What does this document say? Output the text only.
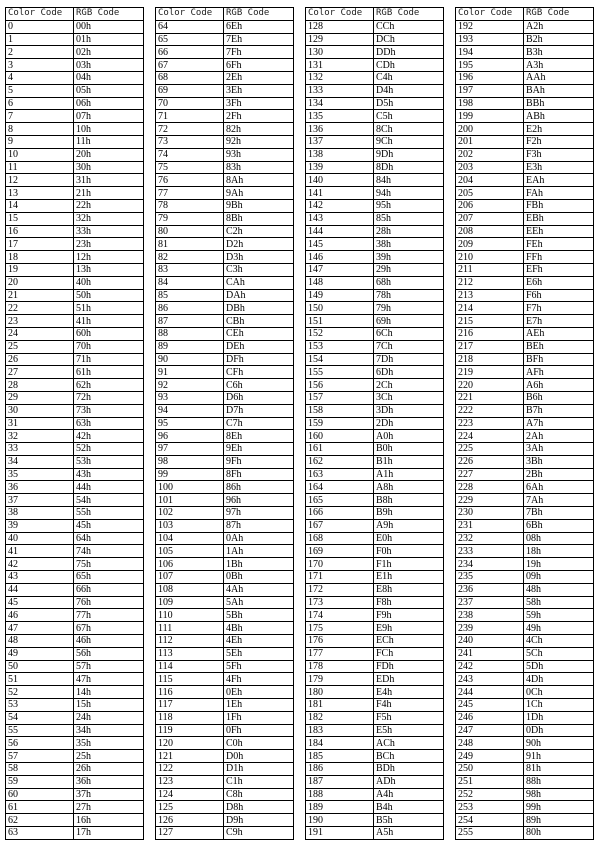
Color Code	RGB Code
0	00h
1	01h
2	02h
3	03h
4	04h
5	05h
6	06h
7	07h
8	10h
9	11h
10	20h
11	30h
12	31h
13	21h
14	22h
15	32h
16	33h
17	23h
18	12h
19	13h
20	40h
21	50h
22	51h
23	41h
24	60h
25	70h
26	71h
27	61h
28	62h
29	72h
30	73h
31	63h
32	42h
33	52h
34	53h
35	43h
36	44h
37	54h
38	55h
39	45h
40	64h
41	74h
42	75h
43	65h
44	66h
45	76h
46	77h
47	67h
48	46h
49	56h
50	57h
51	47h
52	14h
53	15h
54	24h
55	34h
56	35h
57	25h
58	26h
59	36h
60	37h
61	27h
62	16h
63	17h
Color Code	RGB Code
64	6Eh
65	7Eh
66	7Fh
67	6Fh
68	2Eh
69	3Eh
70	3Fh
71	2Fh
72	82h
73	92h
74	93h
75	83h
76	8Ah
77	9Ah
78	9Bh
79	8Bh
80	C2h
81	D2h
82	D3h
83	C3h
84	CAh
85	DAh
86	DBh
87	CBh
88	CEh
89	DEh
90	DFh
91	CFh
92	C6h
93	D6h
94	D7h
95	C7h
96	8Eh
97	9Eh
98	9Fh
99	8Fh
100	86h
101	96h
102	97h
103	87h
104	0Ah
105	1Ah
106	1Bh
107	0Bh
108	4Ah
109	5Ah
110	5Bh
111	4Bh
112	4Eh
113	5Eh
114	5Fh
115	4Fh
116	0Eh
117	1Eh
118	1Fh
119	0Fh
120	C0h
121	D0h
122	D1h
123	C1h
124	C8h
125	D8h
126	D9h
127	C9h
Color Code	RGB Code
128	CCh
129	DCh
130	DDh
131	CDh
132	C4h
133	D4h
134	D5h
135	C5h
136	8Ch
137	9Ch
138	9Dh
139	8Dh
140	84h
141	94h
142	95h
143	85h
144	28h
145	38h
146	39h
147	29h
148	68h
149	78h
150	79h
151	69h
152	6Ch
153	7Ch
154	7Dh
155	6Dh
156	2Ch
157	3Ch
158	3Dh
159	2Dh
160	A0h
161	B0h
162	B1h
163	A1h
164	A8h
165	B8h
166	B9h
167	A9h
168	E0h
169	F0h
170	F1h
171	E1h
172	E8h
173	F8h
174	F9h
175	E9h
176	ECh
177	FCh
178	FDh
179	EDh
180	E4h
181	F4h
182	F5h
183	E5h
184	ACh
185	BCh
186	BDh
187	ADh
188	A4h
189	B4h
190	B5h
191	A5h
Color Code	RGB Code
192	A2h
193	B2h
194	B3h
195	A3h
196	AAh
197	BAh
198	BBh
199	ABh
200	E2h
201	F2h
202	F3h
203	E3h
204	EAh
205	FAh
206	FBh
207	EBh
208	EEh
209	FEh
210	FFh
211	EFh
212	E6h
213	F6h
214	F7h
215	E7h
216	AEh
217	BEh
218	BFh
219	AFh
220	A6h
221	B6h
222	B7h
223	A7h
224	2Ah
225	3Ah
226	3Bh
227	2Bh
228	6Ah
229	7Ah
230	7Bh
231	6Bh
232	08h
233	18h
234	19h
235	09h
236	48h
237	58h
238	59h
239	49h
240	4Ch
241	5Ch
242	5Dh
243	4Dh
244	0Ch
245	1Ch
246	1Dh
247	0Dh
248	90h
249	91h
250	81h
251	88h
252	98h
253	99h
254	89h
255	80h
